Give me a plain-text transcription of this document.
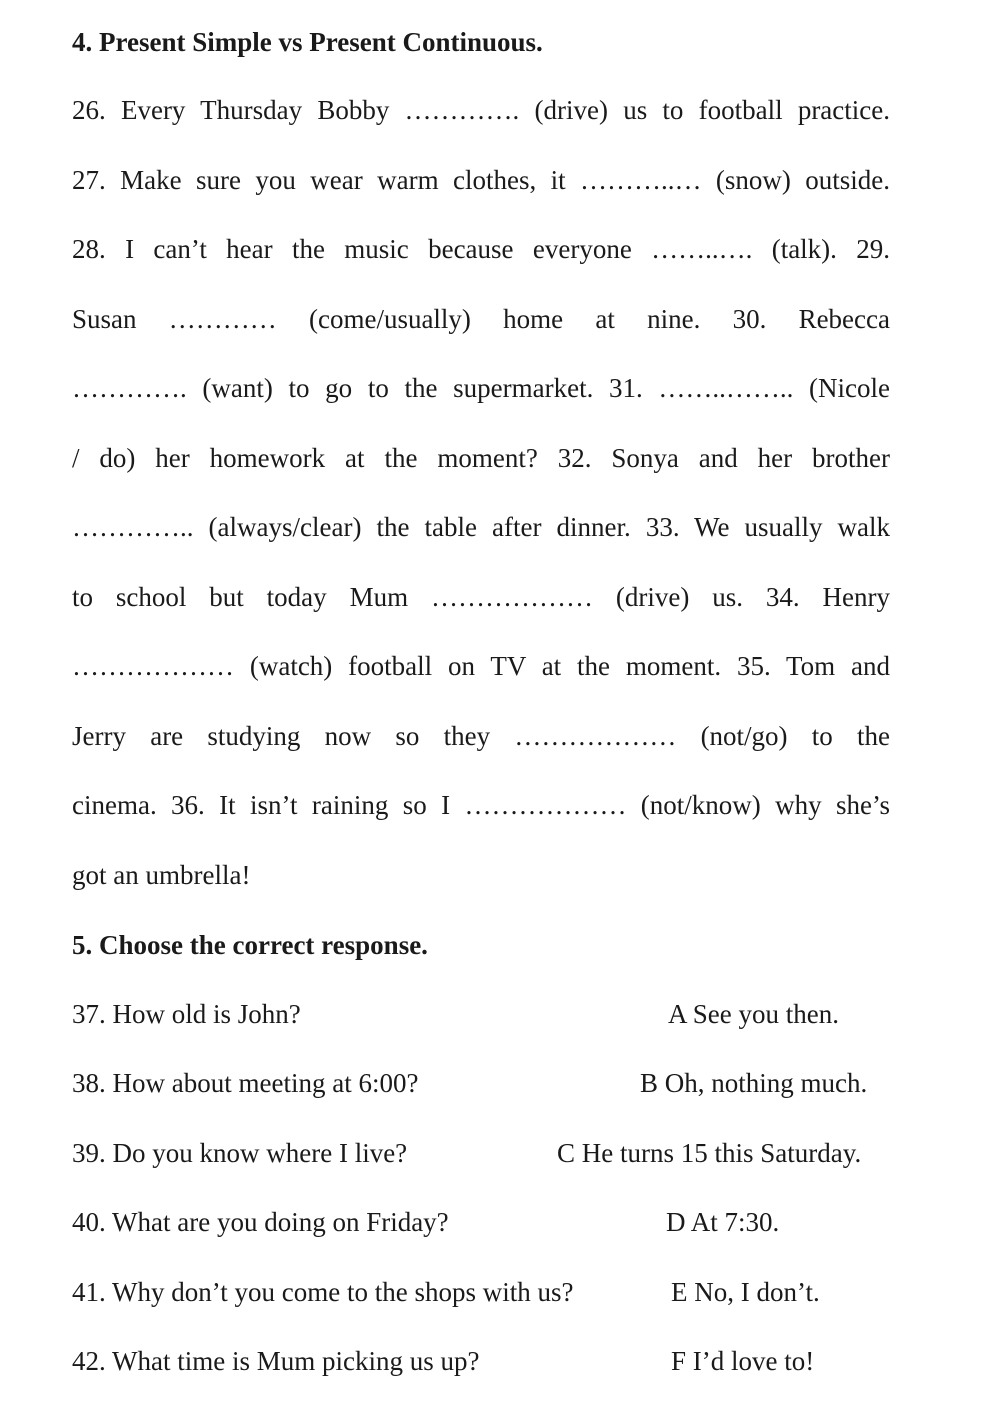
4. Present Simple vs Present Continuous.
26. Every Thursday Bobby …………. (drive) us to football practice.
27. Make sure you wear warm clothes, it ………..… (snow) outside.
28. I can’t hear the music because everyone ……..…. (talk). 29.
Susan ………… (come/usually) home at nine. 30. Rebecca
…………. (want) to go to the supermarket. 31. ……..…….. (Nicole
/ do) her homework at the moment? 32. Sonya and her brother
………….. (always/clear) the table after dinner. 33. We usually walk
to school but today Mum ……………… (drive) us. 34. Henry
……………… (watch) football on TV at the moment. 35. Tom and
Jerry are studying now so they ……………… (not/go) to the
cinema. 36. It isn’t raining so I ……………… (not/know) why she’s
got an umbrella!
5. Choose the correct response.
37. How old is John?	A See you then.
38. How about meeting at 6:00?	B Oh, nothing much.
39. Do you know where I live?	C He turns 15 this Saturday.
40. What are you doing on Friday?	D At 7:30.
41. Why don’t you come to the shops with us?	E No, I don’t.
42. What time is Mum picking us up?	F I’d love to!
